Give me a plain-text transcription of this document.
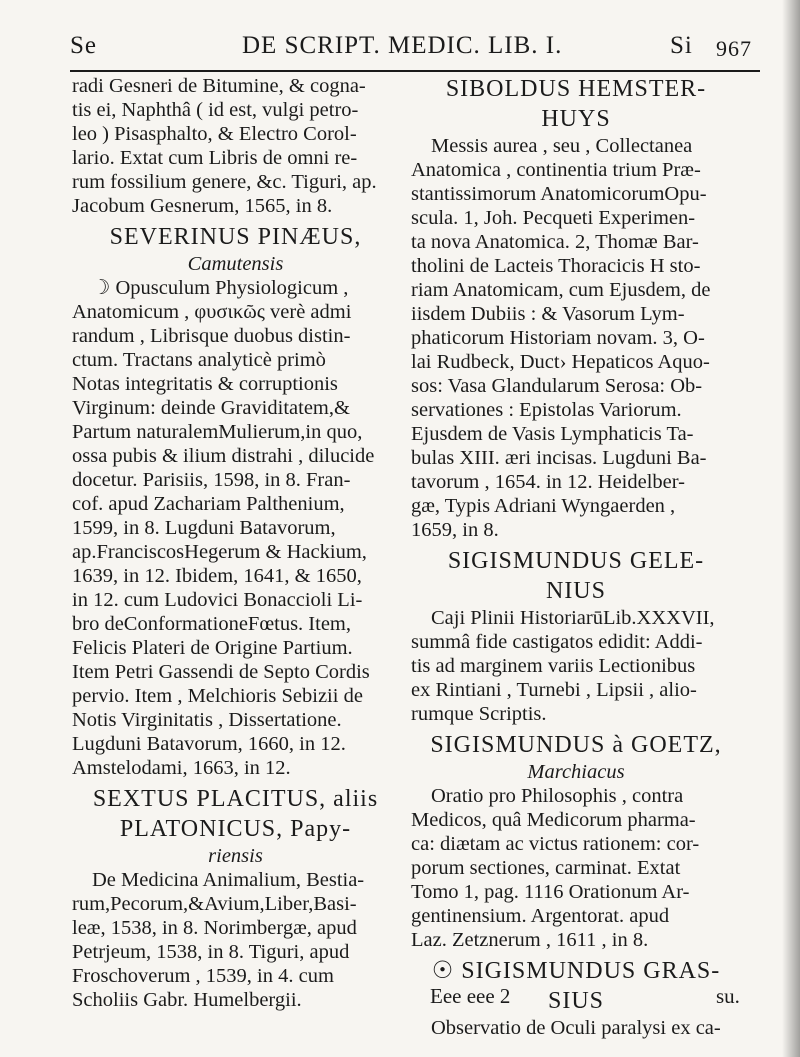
Se	DE SCRIPT. MEDIC. LIB. I.	Si 967
radi Gesneri de Bitumine, & cogna-
tis ei, Naphthâ ( id est, vulgi petro-
leo ) Pisasphalto, & Electro Corol-
lario. Extat cum Libris de omni re-
rum fossilium genere, &c. Tiguri, ap.
Jacobum Gesnerum, 1565, in 8.
SEVERINUS PINÆUS,
Camutensis
☽ Opusculum Physiologicum ,
Anatomicum , φυσικῶς verè admi
randum , Librisque duobus distin-
ctum. Tractans analyticè primò
Notas integritatis & corruptionis
Virginum: deinde Graviditatem,&
Partum naturalemMulierum,in quo,
ossa pubis & ilium distrahi , dilucide
docetur. Parisiis, 1598, in 8. Fran-
cof. apud Zachariam Palthenium,
1599, in 8. Lugduni Batavorum,
ap.FranciscosHegerum & Hackium,
1639, in 12. Ibidem, 1641, & 1650,
in 12. cum Ludovici Bonaccioli Li-
bro deConformationeFœtus. Item,
Felicis Plateri de Origine Partium.
Item Petri Gassendi de Septo Cordis
pervio. Item , Melchioris Sebizii de
Notis Virginitatis , Dissertatione.
Lugduni Batavorum, 1660, in 12.
Amstelodami, 1663, in 12.
SEXTUS PLACITUS, aliis
PLATONICUS, Papy-
riensis
De Medicina Animalium, Bestia-
rum,Pecorum,&Avium,Liber,Basi-
leæ, 1538, in 8. Norimbergæ, apud
Petrjeum, 1538, in 8. Tiguri, apud
Froschoverum , 1539, in 4. cum
Scholiis Gabr. Humelbergii.
SIBOLDUS HEMSTER-
HUYS
Messis aurea , seu , Collectanea
Anatomica , continentia trium Præ-
stantissimorum AnatomicorumOpu-
scula. 1, Joh. Pecqueti Experimen-
ta nova Anatomica. 2, Thomæ Bar-
tholini de Lacteis Thoracicis H sto-
riam Anatomicam, cum Ejusdem, de
iisdem Dubiis : & Vasorum Lym-
phaticorum Historiam novam. 3, O-
lai Rudbeck, Duct› Hepaticos Aquo-
sos: Vasa Glandularum Serosa: Ob-
servationes : Epistolas Variorum.
Ejusdem de Vasis Lymphaticis Ta-
bulas XIII. æri incisas. Lugduni Ba-
tavorum , 1654. in 12. Heidelber-
gæ, Typis Adriani Wyngaerden ,
1659, in 8.
SIGISMUNDUS GELE-
NIUS
Caji Plinii HistoriarūLib.XXXVII,
summâ fide castigatos edidit: Addi-
tis ad marginem variis Lectionibus
ex Rintiani , Turnebi , Lipsii , alio-
rumque Scriptis.
SIGISMUNDUS à GOETZ,
Marchiacus
Oratio pro Philosophis , contra
Medicos, quâ Medicorum pharma-
ca: diætam ac victus rationem: cor-
porum sectiones, carminat. Extat
Tomo 1, pag. 1116 Orationum Ar-
gentinensium. Argentorat. apud
Laz. Zetznerum , 1611 , in 8.
☉ SIGISMUNDUS GRAS-
SIUS
Observatio de Oculi paralysi ex ca-
Eee eee 2	su.
